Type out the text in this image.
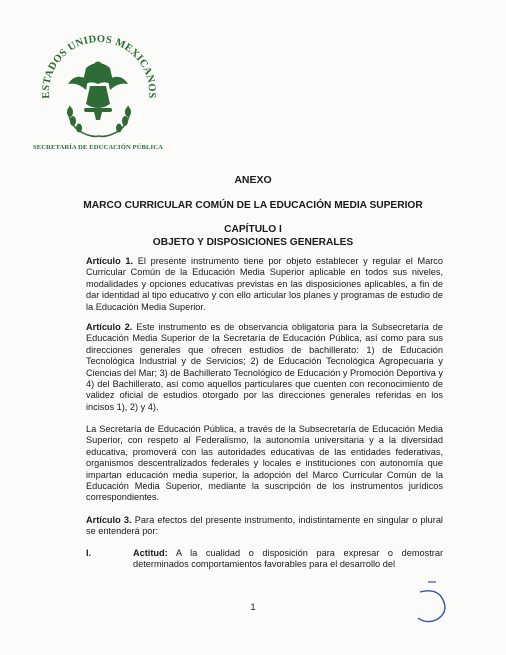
ESTADOS UNIDOS MEXICANOS
SECRETARÍA DE EDUCACIÓN PÚBLICA
ANEXO
MARCO CURRICULAR COMÚN DE LA EDUCACIÓN MEDIA SUPERIOR
CAPÍTULO I
OBJETO Y DISPOSICIONES GENERALES
Artículo 1. El presente instrumento tiene por objeto establecer y regular el Marco Curricular Común de la Educación Media Superior aplicable en todos sus niveles, modalidades y opciones educativas previstas en las disposiciones aplicables, a fin de dar identidad al tipo educativo y con ello articular los planes y programas de estudio de la Educación Media Superior.
Artículo 2. Este instrumento es de observancia obligatoria para la Subsecretaría de Educación Media Superior de la Secretaría de Educación Pública, así como para sus direcciones generales que ofrecen estudios de bachillerato: 1) de Educación Tecnológica Industrial y de Servicios; 2) de Educación Tecnológica Agropecuaria y Ciencias del Mar; 3) de Bachillerato Tecnológico de Educación y Promoción Deportiva y 4) del Bachillerato, así como aquellos particulares que cuenten con reconocimiento de validez oficial de estudios otorgado por las direcciones generales referidas en los incisos 1), 2) y 4).
La Secretaría de Educación Pública, a través de la Subsecretaría de Educación Media Superior, con respeto al Federalismo, la autonomía universitaria y a la diversidad educativa, promoverá con las autoridades educativas de las entidades federativas, organismos descentralizados federales y locales e instituciones con autonomía que impartan educación media superior, la adopción del Marco Curricular Común de la Educación Media Superior, mediante la suscripción de los instrumentos jurídicos correspondientes.
Artículo 3. Para efectos del presente instrumento, indistintamente en singular o plural se entenderá por:
I.	Actitud: A la cualidad o disposición para expresar o demostrar determinados comportamientos favorables para el desarrollo del
1
